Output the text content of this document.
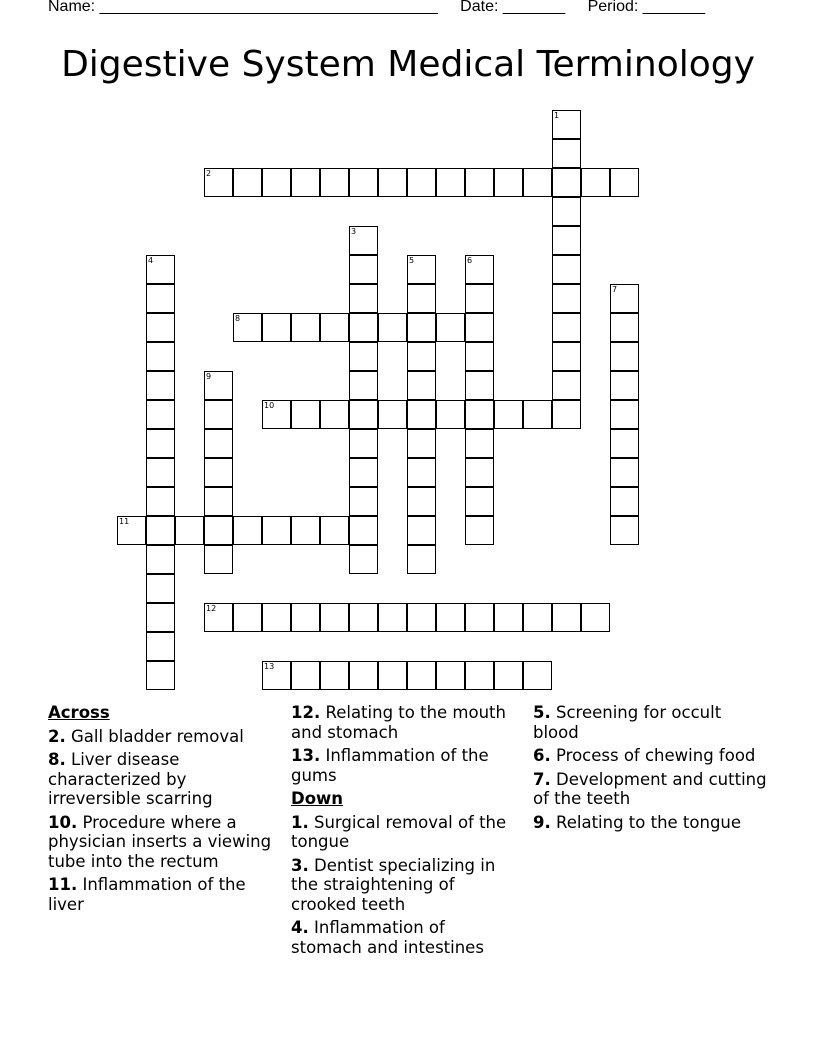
Name: ______________________________________ Date: _______ Period: _______
Digestive System Medical Terminology
1
2
3
4	5	6
7
8
9
10
11
12
13
Across
2. Gall bladder removal
8. Liver disease characterized by irreversible scarring
10. Procedure where a physician inserts a viewing tube into the rectum
11. Inflammation of the liver
12. Relating to the mouth and stomach
13. Inflammation of the gums
Down
1. Surgical removal of the tongue
3. Dentist specializing in the straightening of crooked teeth
4. Inflammation of stomach and intestines
5. Screening for occult blood
6. Process of chewing food
7. Development and cutting of the teeth
9. Relating to the tongue
